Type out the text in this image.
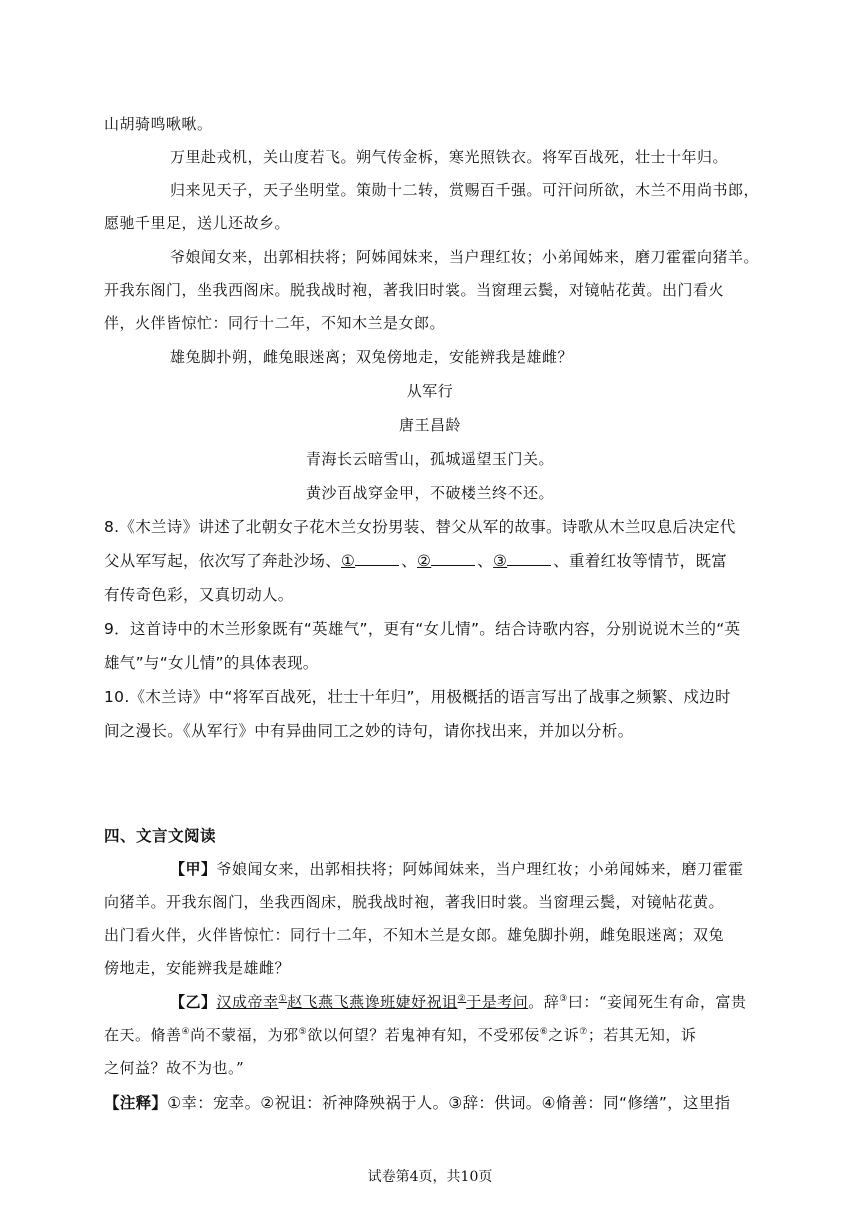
山胡骑鸣啾啾。
万里赴戎机，关山度若飞。朔气传金柝，寒光照铁衣。将军百战死，壮士十年归。
归来见天子，天子坐明堂。策勋十二转，赏赐百千强。可汗问所欲，木兰不用尚书郎，
愿驰千里足，送儿还故乡。
爷娘闻女来，出郭相扶将；阿姊闻妹来，当户理红妆；小弟闻姊来，磨刀霍霍向猪羊。
开我东阁门，坐我西阁床。脱我战时袍，著我旧时裳。当窗理云鬓，对镜帖花黄。出门看火
伴，火伴皆惊忙：同行十二年，不知木兰是女郎。
雄兔脚扑朔，雌兔眼迷离；双兔傍地走，安能辨我是雄雌？
从军行
唐王昌龄
青海长云暗雪山，孤城遥望玉门关。
黄沙百战穿金甲，不破楼兰终不还。
8.《木兰诗》讲述了北朝女子花木兰女扮男装、替父从军的故事。诗歌从木兰叹息后决定代
父从军写起，依次写了奔赴沙场、①	、②	、③	、重着红妆等情节，既富
有传奇色彩，又真切动人。
9．这首诗中的木兰形象既有“英雄气”，更有“女儿情”。结合诗歌内容，分别说说木兰的“英
雄气”与“女儿情”的具体表现。
10.《木兰诗》中“将军百战死，壮士十年归”，用极概括的语言写出了战事之频繁、戍边时
间之漫长。《从军行》中有异曲同工之妙的诗句，请你找出来，并加以分析。
四、文言文阅读
【甲】爷娘闻女来，出郭相扶将；阿姊闻妹来，当户理红妆；小弟闻姊来，磨刀霍霍
向猪羊。开我东阁门，坐我西阁床，脱我战时袍，著我旧时裳。当窗理云鬓，对镜帖花黄。
出门看火伴，火伴皆惊忙：同行十二年，不知木兰是女郎。雄兔脚扑朔，雌兔眼迷离；双兔
傍地走，安能辨我是雄雌？
【乙】汉成帝幸①赵飞燕飞燕谗班婕妤祝诅②于是考问。辞③曰：“妾闻死生有命，富贵
在天。脩善④尚不蒙福，为邪⑤欲以何望？若鬼神有知，不受邪佞⑥之诉⑦；若其无知，诉
之何益？故不为也。”
【注释】①幸：宠幸。②祝诅：祈神降殃祸于人。③辞：供词。④脩善：同“修缮”，这里指
试卷第4页，共10页
